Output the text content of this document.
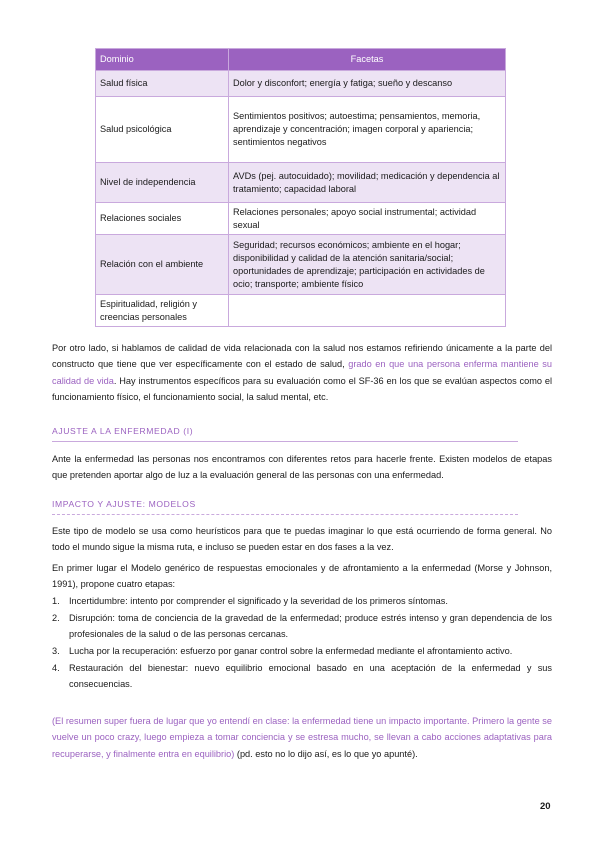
Dominio	Facetas
Salud física	Dolor y disconfort; energía y fatiga; sueño y descanso
Salud psicológica	Sentimientos positivos; autoestima; pensamientos, memoria, aprendizaje y concentración; imagen corporal y apariencia; sentimientos negativos
Nivel de independencia	AVDs (pej. autocuidado); movilidad; medicación y dependencia al tratamiento; capacidad laboral
Relaciones sociales	Relaciones personales; apoyo social instrumental; actividad sexual
Relación con el ambiente	Seguridad; recursos económicos; ambiente en el hogar; disponibilidad y calidad de la atención sanitaria/social; oportunidades de aprendizaje; participación en actividades de ocio; transporte; ambiente físico
Espiritualidad, religión y creencias personales	

Por otro lado, si hablamos de calidad de vida relacionada con la salud nos estamos refiriendo únicamente a la parte del constructo que tiene que ver específicamente con el estado de salud, grado en que una persona enferma mantiene su calidad de vida. Hay instrumentos específicos para su evaluación como el SF-36 en los que se evalúan aspectos como el funcionamiento físico, el funcionamiento social, la salud mental, etc.

AJUSTE A LA ENFERMEDAD (I)

Ante la enfermedad las personas nos encontramos con diferentes retos para hacerle frente. Existen modelos de etapas que pretenden aportar algo de luz a la evaluación general de las personas con una enfermedad.

IMPACTO Y AJUSTE: MODELOS

Este tipo de modelo se usa como heurísticos para que te puedas imaginar lo que está ocurriendo de forma general. No todo el mundo sigue la misma ruta, e incluso se pueden estar en dos fases a la vez.

En primer lugar el Modelo genérico de respuestas emocionales y de afrontamiento a la enfermedad (Morse y Johnson, 1991), propone cuatro etapas:

1. Incertidumbre: intento por comprender el significado y la severidad de los primeros síntomas.
2. Disrupción: toma de conciencia de la gravedad de la enfermedad; produce estrés intenso y gran dependencia de los profesionales de la salud o de las personas cercanas.
3. Lucha por la recuperación: esfuerzo por ganar control sobre la enfermedad mediante el afrontamiento activo.
4. Restauración del bienestar: nuevo equilibrio emocional basado en una aceptación de la enfermedad y sus consecuencias.

(El resumen super fuera de lugar que yo entendí en clase: la enfermedad tiene un impacto importante. Primero la gente se vuelve un poco crazy, luego empieza a tomar conciencia y se estresa mucho, se llevan a cabo acciones adaptativas para recuperarse, y finalmente entra en equilibrio) (pd. esto no lo dijo así, es lo que yo apunté).

20
